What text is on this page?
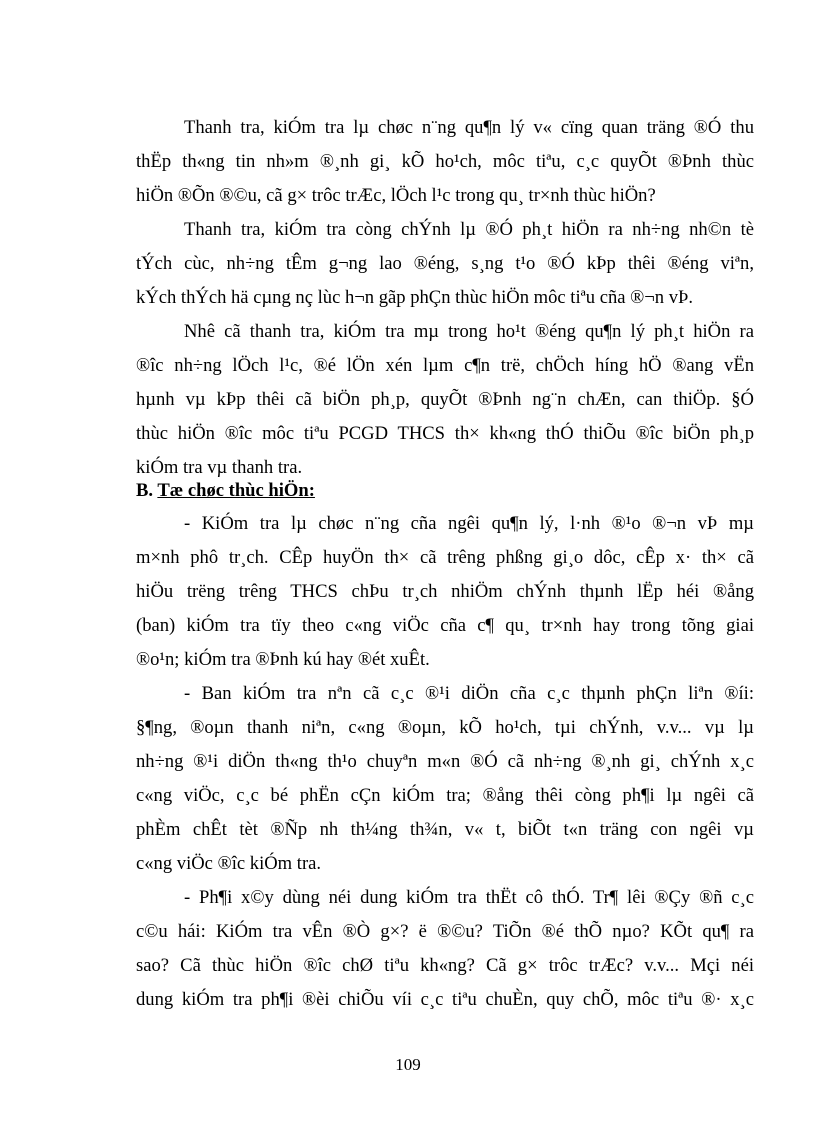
Thanh tra, kiÓm tra lµ chøc n¨ng qu¶n lý v« cïng quan träng ®Ó thu
thËp th«ng tin nh»m ®¸nh gi¸ kÕ ho¹ch, môc tiªu, c¸c quyÕt ®Þnh thùc
hiÖn ®Õn ®©u, cã g× trôc trÆc, lÖch l¹c trong qu¸ tr×nh thùc hiÖn?
Thanh tra, kiÓm tra còng chÝnh lµ ®Ó ph¸t hiÖn ra nh÷ng nh©n tè
tÝch cùc, nh÷ng tÊm g¬ng lao ®éng, s¸ng t¹o ®Ó kÞp thêi ®éng viªn,
kÝch thÝch hä cµng nç lùc h¬n gãp phÇn thùc hiÖn môc tiªu cña ®¬n vÞ.
Nhê cã thanh tra, kiÓm tra mµ trong ho¹t ®éng qu¶n lý ph¸t hiÖn ra
®îc nh÷ng lÖch l¹c, ®é lÖn xén lµm c¶n trë, chÖch híng hÖ ®ang vËn
hµnh vµ kÞp thêi cã biÖn ph¸p, quyÕt ®Þnh ng¨n chÆn, can thiÖp. §Ó
thùc hiÖn ®îc môc tiªu PCGD THCS th× kh«ng thÓ thiÕu ®îc biÖn ph¸p
kiÓm tra vµ thanh tra.
B. Tæ chøc thùc hiÖn:
- KiÓm tra lµ chøc n¨ng cña ngêi qu¶n lý, l·nh ®¹o ®¬n vÞ mµ
m×nh phô tr¸ch. CÊp huyÖn th× cã trêng phßng gi¸o dôc, cÊp x· th× cã
hiÖu trëng trêng THCS chÞu tr¸ch nhiÖm chÝnh thµnh lËp héi ®ång
(ban) kiÓm tra tïy theo c«ng viÖc cña c¶ qu¸ tr×nh hay trong tõng giai
®o¹n; kiÓm tra ®Þnh kú hay ®ét xuÊt.
- Ban kiÓm tra nªn cã c¸c ®¹i diÖn cña c¸c thµnh phÇn liªn ®íi:
§¶ng, ®oµn thanh niªn, c«ng ®oµn, kÕ ho¹ch, tµi chÝnh, v.v... vµ lµ
nh÷ng ®¹i diÖn th«ng th¹o chuyªn m«n ®Ó cã nh÷ng ®¸nh gi¸ chÝnh x¸c
c«ng viÖc, c¸c bé phËn cÇn kiÓm tra; ®ång thêi còng ph¶i lµ ngêi cã
phÈm chÊt tèt ®Ñp nh th¼ng th¾n, v« t, biÕt t«n träng con ngêi vµ
c«ng viÖc ®îc kiÓm tra.
- Ph¶i x©y dùng néi dung kiÓm tra thËt cô thÓ. Tr¶ lêi ®Çy ®ñ c¸c
c©u hái: KiÓm tra vÊn ®Ò g×? ë ®©u? TiÕn ®é thÕ nµo? KÕt qu¶ ra
sao? Cã thùc hiÖn ®îc chØ tiªu kh«ng? Cã g× trôc trÆc? v.v... Mçi néi
dung kiÓm tra ph¶i ®èi chiÕu víi c¸c tiªu chuÈn, quy chÕ, môc tiªu ®· x¸c
109
